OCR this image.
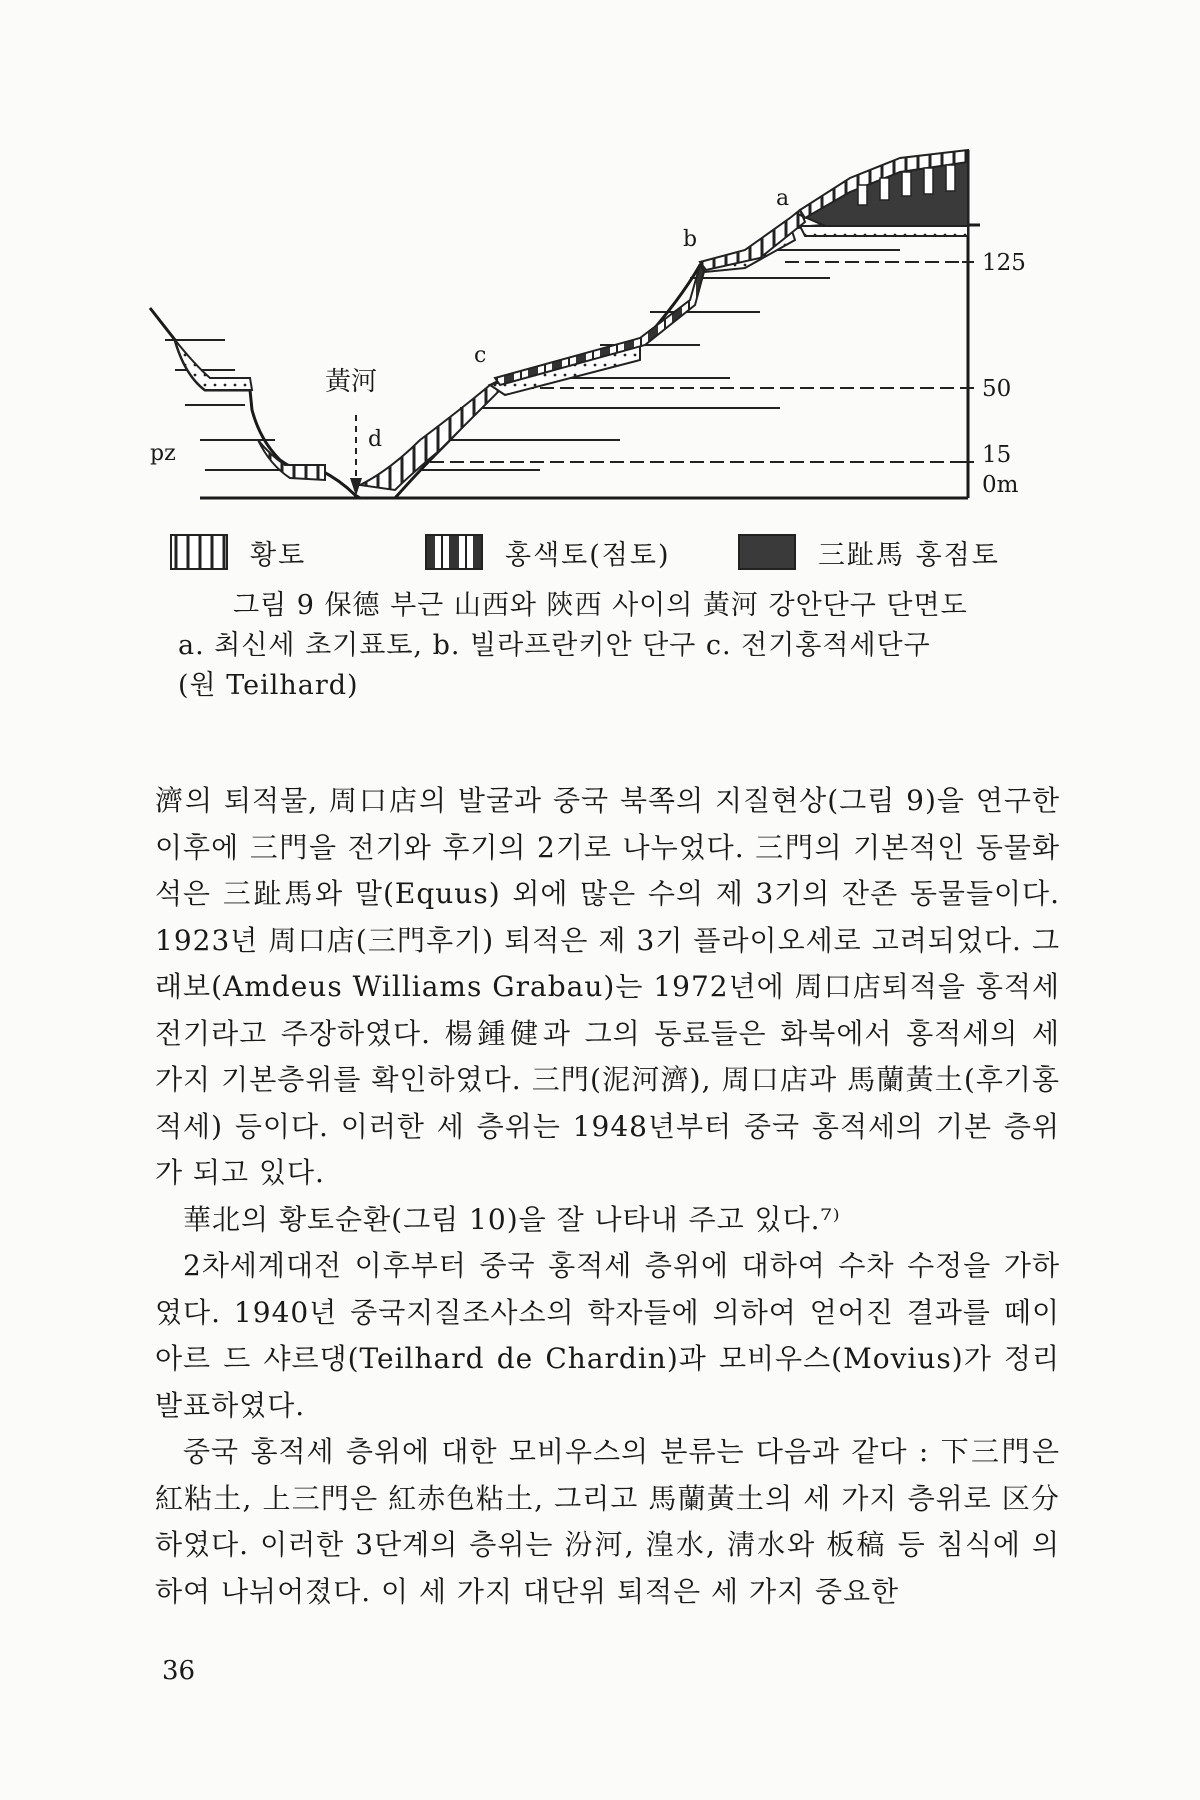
a
b
c
d
黃河
pz
125
50
15
0m
황토	홍색토(점토)	三趾馬 홍점토
그림 9 保德 부근 山西와 陝西 사이의 黃河 강안단구 단면도
a. 최신세 초기표토, b. 빌라프란키안 단구 c. 전기홍적세단구
(원 Teilhard)

濟의 퇴적물, 周口店의 발굴과 중국 북쪽의 지질현상(그림 9)을 연구한 이후에 三門을 전기와 후기의 2기로 나누었다. 三門의 기본적인 동물화석은 三趾馬와 말(Equus) 외에 많은 수의 제 3기의 잔존 동물들이다. 1923년 周口店(三門후기) 퇴적은 제 3기 플라이오세로 고려되었다. 그래보(Amdeus Williams Grabau)는 1972년에 周口店퇴적을 홍적세 전기라고 주장하였다. 楊鍾健과 그의 동료들은 화북에서 홍적세의 세 가지 기본층위를 확인하였다. 三門(泥河濟), 周口店과 馬蘭黃土(후기홍적세) 등이다. 이러한 세 층위는 1948년부터 중국 홍적세의 기본 층위가 되고 있다.

華北의 황토순환(그림 10)을 잘 나타내 주고 있다.⁷⁾

2차세계대전 이후부터 중국 홍적세 층위에 대하여 수차 수정을 가하였다. 1940년 중국지질조사소의 학자들에 의하여 얻어진 결과를 떼이아르 드 샤르댕(Teilhard de Chardin)과 모비우스(Movius)가 정리 발표하였다.

중국 홍적세 층위에 대한 모비우스의 분류는 다음과 같다 : 下三門은 紅粘土, 上三門은 紅赤色粘土, 그리고 馬蘭黃土의 세 가지 층위로 区分하였다. 이러한 3단계의 층위는 汾河, 湟水, 淸水와 板稿 등 침식에 의하여 나뉘어졌다. 이 세 가지 대단위 퇴적은 세 가지 중요한

36
